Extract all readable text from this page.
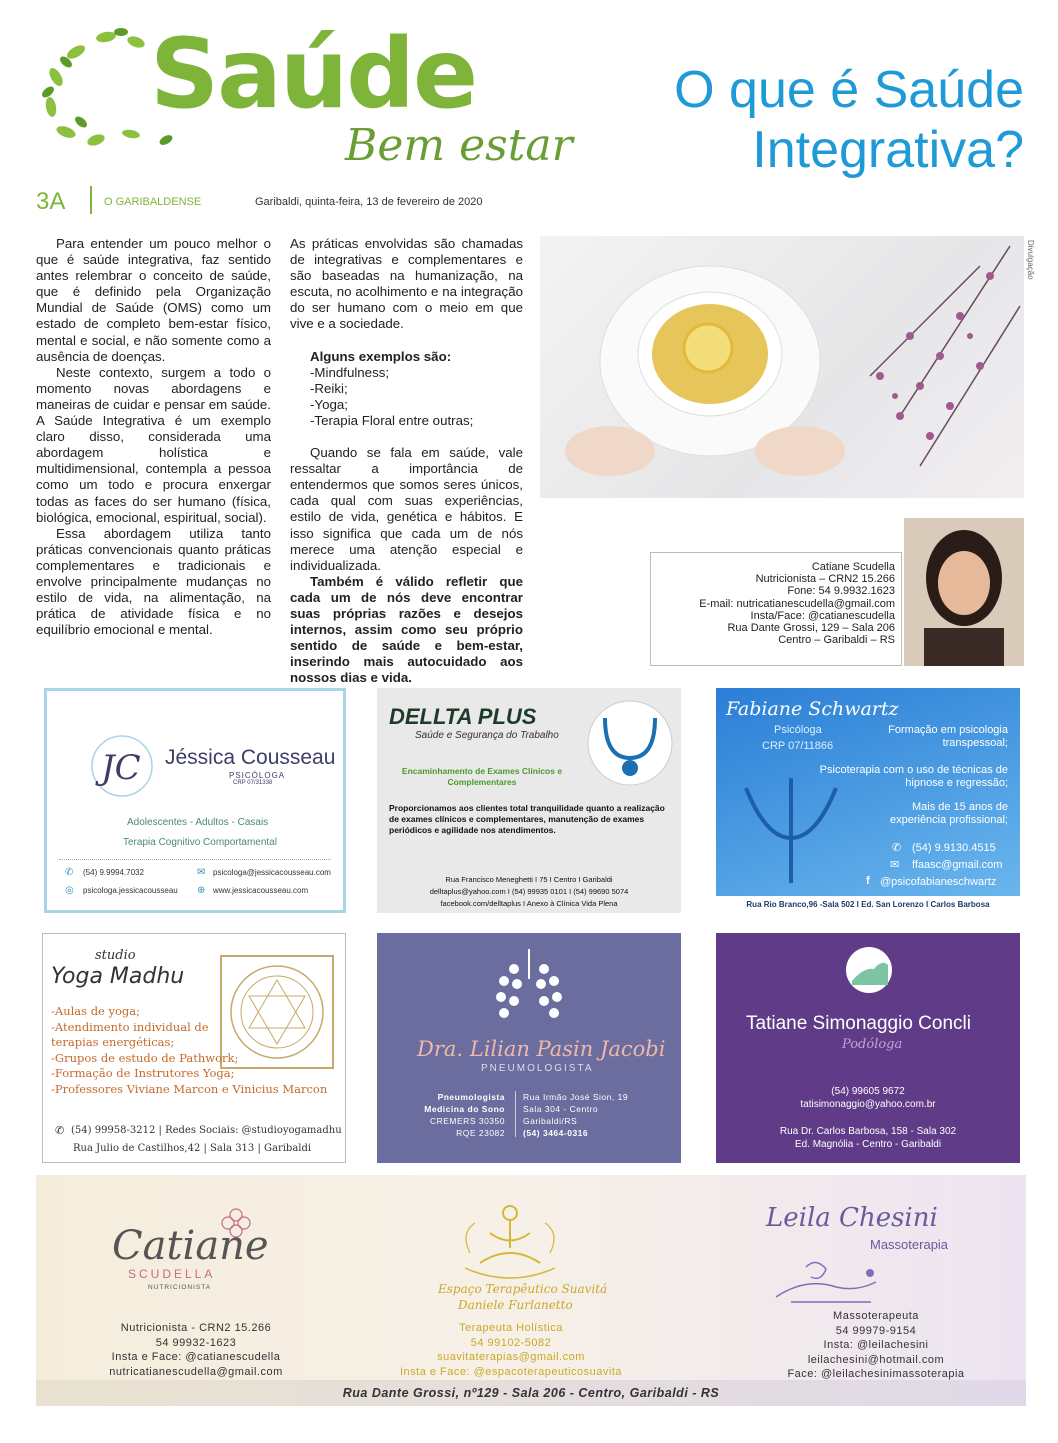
Saúde
Bem estar
O que é Saúde
Integrativa?
3A	O GARIBALDENSE	Garibaldi, quinta-feira, 13 de fevereiro de 2020

Para entender um pouco melhor o que é saúde integrativa, faz sentido antes relembrar o conceito de saúde, que é definido pela Organização Mundial de Saúde (OMS) como um estado de completo bem-estar físico, mental e social, e não somente como a ausência de doenças.

Neste contexto, surgem a todo o momento novas abordagens e maneiras de cuidar e pensar em saúde. A Saúde Integrativa é um exemplo claro disso, considerada uma abordagem holística e multidimensional, contempla a pessoa como um todo e procura enxergar todas as faces do ser humano (física, biológica, emocional, espiritual, social).

Essa abordagem utiliza tanto práticas convencionais quanto práticas complementares e tradicionais e envolve principalmente mudanças no estilo de vida, na alimentação, na prática de atividade física e no equilíbrio emocional e mental.

As práticas envolvidas são chamadas de integrativas e complementares e são baseadas na humanização, na escuta, no acolhimento e na integração do ser humano com o meio em que vive e a sociedade.

Alguns exemplos são:

-Mindfulness;

-Reiki;

-Yoga;

-Terapia Floral entre outras;

Quando se fala em saúde, vale ressaltar a importância de entendermos que somos seres únicos, cada qual com suas experiências, estilo de vida, genética e hábitos. E isso significa que cada um de nós merece uma atenção especial e individualizada.

Também é válido refletir que cada um de nós deve encontrar suas próprias razões e desejos internos, assim como seu próprio sentido de saúde e bem-estar, inserindo mais autocuidado aos nossos dias e vida.

Divulgação
Catiane Scudella
Nutricionista – CRN2 15.266
Fone: 54 9.9932.1623
E-mail: nutricatianescudella@gmail.com
Insta/Face: @catianescudella
Rua Dante Grossi, 129 – Sala 206
Centro – Garibaldi – RS
JC Jéssica Cousseau
PSICÓLOGA
CRP 07/31338
Adolescentes - Adultos - Casais
Terapia Cognitivo Comportamental
✆ (54) 9.9994.7032	✉ psicologa@jessicacousseau.com
◎ psicologa.jessicacousseau ⊕ www.jessicacousseau.com
DELLTA PLUS
Saúde e Segurança do Trabalho
Encaminhamento de Exames Clínicos e Complementares
Proporcionamos aos clientes total tranquilidade quanto a realização de exames clínicos e complementares, manutenção de exames periódicos e agilidade nos atendimentos.
Rua Francisco Meneghetti I 75 I Centro I Garibaldi
delltaplus@yahoo.com I (54) 99935 0101 I (54) 99690 5074
facebook.com/delltaplus I Anexo à Clínica Vida Plena
Fabiane Schwartz
Psicóloga
CRP 07/11866
Formação em psicologia transpessoal;
Psicoterapia com o uso de técnicas de hipnose e regressão;
Mais de 15 anos de experiência profissional;
✆ (54) 9.9130.4515
✉ ffaasc@gmail.com
f @psicofabianeschwartz
Rua Rio Branco,96 -Sala 502 I Ed. San Lorenzo I Carlos Barbosa
studio
Yoga Madhu
-Aulas de yoga;
-Atendimento individual de terapias energéticas;
-Grupos de estudo de Pathwork;
-Formação de Instrutores Yoga;
-Professores Viviane Marcon e Vinicius Marcon
✆ (54) 99958-3212 | Redes Sociais: @studioyogamadhu
Rua Julio de Castilhos,42 | Sala 313 | Garibaldi
Dra. Lilian Pasin Jacobi
PNEUMOLOGISTA
Pneumologista
Medicina do Sono
CREMERS 30350
RQE 23082
Rua Irmão José Sion, 19
Sala 304 - Centro
Garibaldi/RS
(54) 3464-0316
Tatiane Simonaggio Concli
Podóloga
(54) 99605 9672
tatisimonaggio@yahoo.com.br
Rua Dr. Carlos Barbosa, 158 - Sala 302
Ed. Magnólia - Centro - Garibaldi
Catiane
SCUDELLA
NUTRICIONISTA
Nutricionista - CRN2 15.266
54 99932-1623
Insta e Face: @catianescudella
nutricatianescudella@gmail.com
Espaço Terapêutico Suavitá
Daniele Furlanetto
Terapeuta Holística
54 99102-5082
suavitaterapias@gmail.com
Insta e Face: @espacoterapeuticosuavita
Leila Chesini
Massoterapia
Massoterapeuta
54 99979-9154
Insta: @leilachesini
leilachesini@hotmail.com
Face: @leilachesinimassoterapia
Rua Dante Grossi, nº129 - Sala 206 - Centro, Garibaldi - RS
